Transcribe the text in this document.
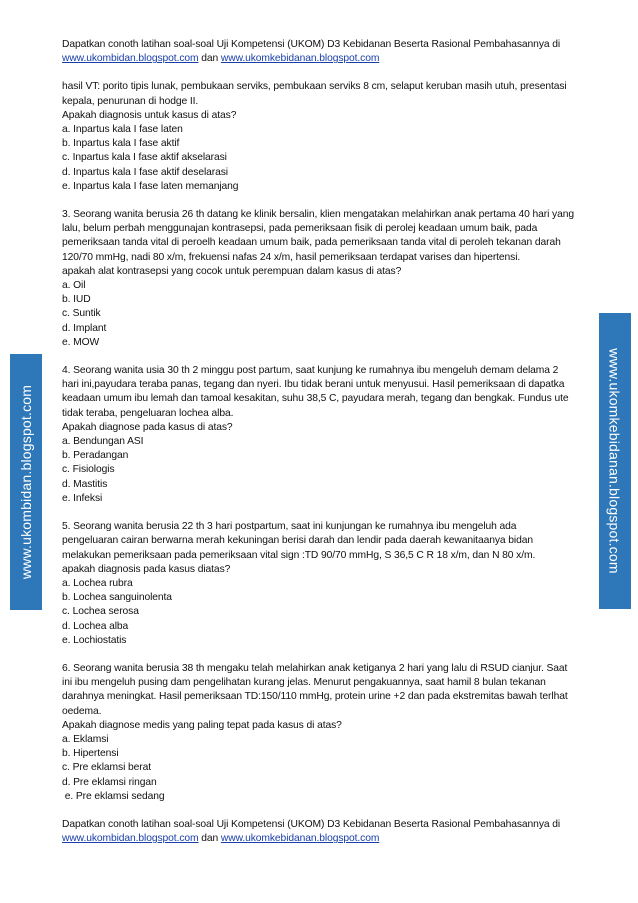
Dapatkan conoth latihan soal-soal Uji Kompetensi (UKOM) D3 Kebidanan Beserta Rasional Pembahasannya di
www.ukombidan.blogspot.com dan www.ukomkebidanan.blogspot.com
hasil VT: porito tipis lunak, pembukaan serviks, pembukaan serviks 8 cm, selaput keruban masih utuh, presentasi
kepala, penurunan di hodge II.
Apakah diagnosis untuk kasus di atas?
a. Inpartus kala I fase laten
b. Inpartus kala I fase aktif
c. Inpartus kala I fase aktif akselarasi
d. Inpartus kala I fase aktif deselarasi
e. Inpartus kala I fase laten memanjang
3. Seorang wanita berusia 26 th datang ke klinik bersalin, klien mengatakan melahirkan anak pertama 40 hari yang
lalu, belum perbah menggunajan kontrasepsi, pada pemeriksaan fisik di perolej keadaan umum baik, pada
pemeriksaan tanda vital di peroelh keadaan umum baik, pada pemeriksaan tanda vital di peroleh tekanan darah
120/70 mmHg, nadi 80 x/m, frekuensi nafas 24 x/m, hasil pemeriksaan terdapat varises dan hipertensi.
apakah alat kontrasepsi yang cocok untuk perempuan dalam kasus di atas?
a. Oil
b. IUD
c. Suntik
d. Implant
e. MOW
4. Seorang wanita usia 30 th 2 minggu post partum, saat kunjung ke rumahnya ibu mengeluh demam delama 2
hari ini,payudara teraba panas, tegang dan nyeri. Ibu tidak berani untuk menyusui. Hasil pemeriksaan di dapatka
keadaan umum ibu lemah dan tamoal kesakitan, suhu 38,5 C, payudara merah, tegang dan bengkak. Fundus ute
tidak teraba, pengeluaran lochea alba.
Apakah diagnose pada kasus di atas?
a. Bendungan ASI
b. Peradangan
c. Fisiologis
d. Mastitis
e. Infeksi
5. Seorang wanita berusia 22 th 3 hari postpartum, saat ini kunjungan ke rumahnya ibu mengeluh ada
pengeluaran cairan berwarna merah kekuningan berisi darah dan lendir pada daerah kewanitaanya bidan
melakukan pemeriksaan pada pemeriksaan vital sign :TD 90/70 mmHg, S 36,5 C R 18 x/m, dan N 80 x/m.
apakah diagnosis pada kasus diatas?
a. Lochea rubra
b. Lochea sanguinolenta
c. Lochea serosa
d. Lochea alba
e. Lochiostatis
6. Seorang wanita berusia 38 th mengaku telah melahirkan anak ketiganya 2 hari yang lalu di RSUD cianjur. Saat
ini ibu mengeluh pusing dam pengelihatan kurang jelas. Menurut pengakuannya, saat hamil 8 bulan tekanan
darahnya meningkat. Hasil pemeriksaan TD:150/110 mmHg, protein urine +2 dan pada ekstremitas bawah terlhat
oedema.
Apakah diagnose medis yang paling tepat pada kasus di atas?
a. Eklamsi
b. Hipertensi
c. Pre eklamsi berat
d. Pre eklamsi ringan
e. Pre eklamsi sedang
Dapatkan conoth latihan soal-soal Uji Kompetensi (UKOM) D3 Kebidanan Beserta Rasional Pembahasannya di
www.ukombidan.blogspot.com dan www.ukomkebidanan.blogspot.com
www.ukombidan.blogspot.com	www.ukomkebidanan.blogspot.com
